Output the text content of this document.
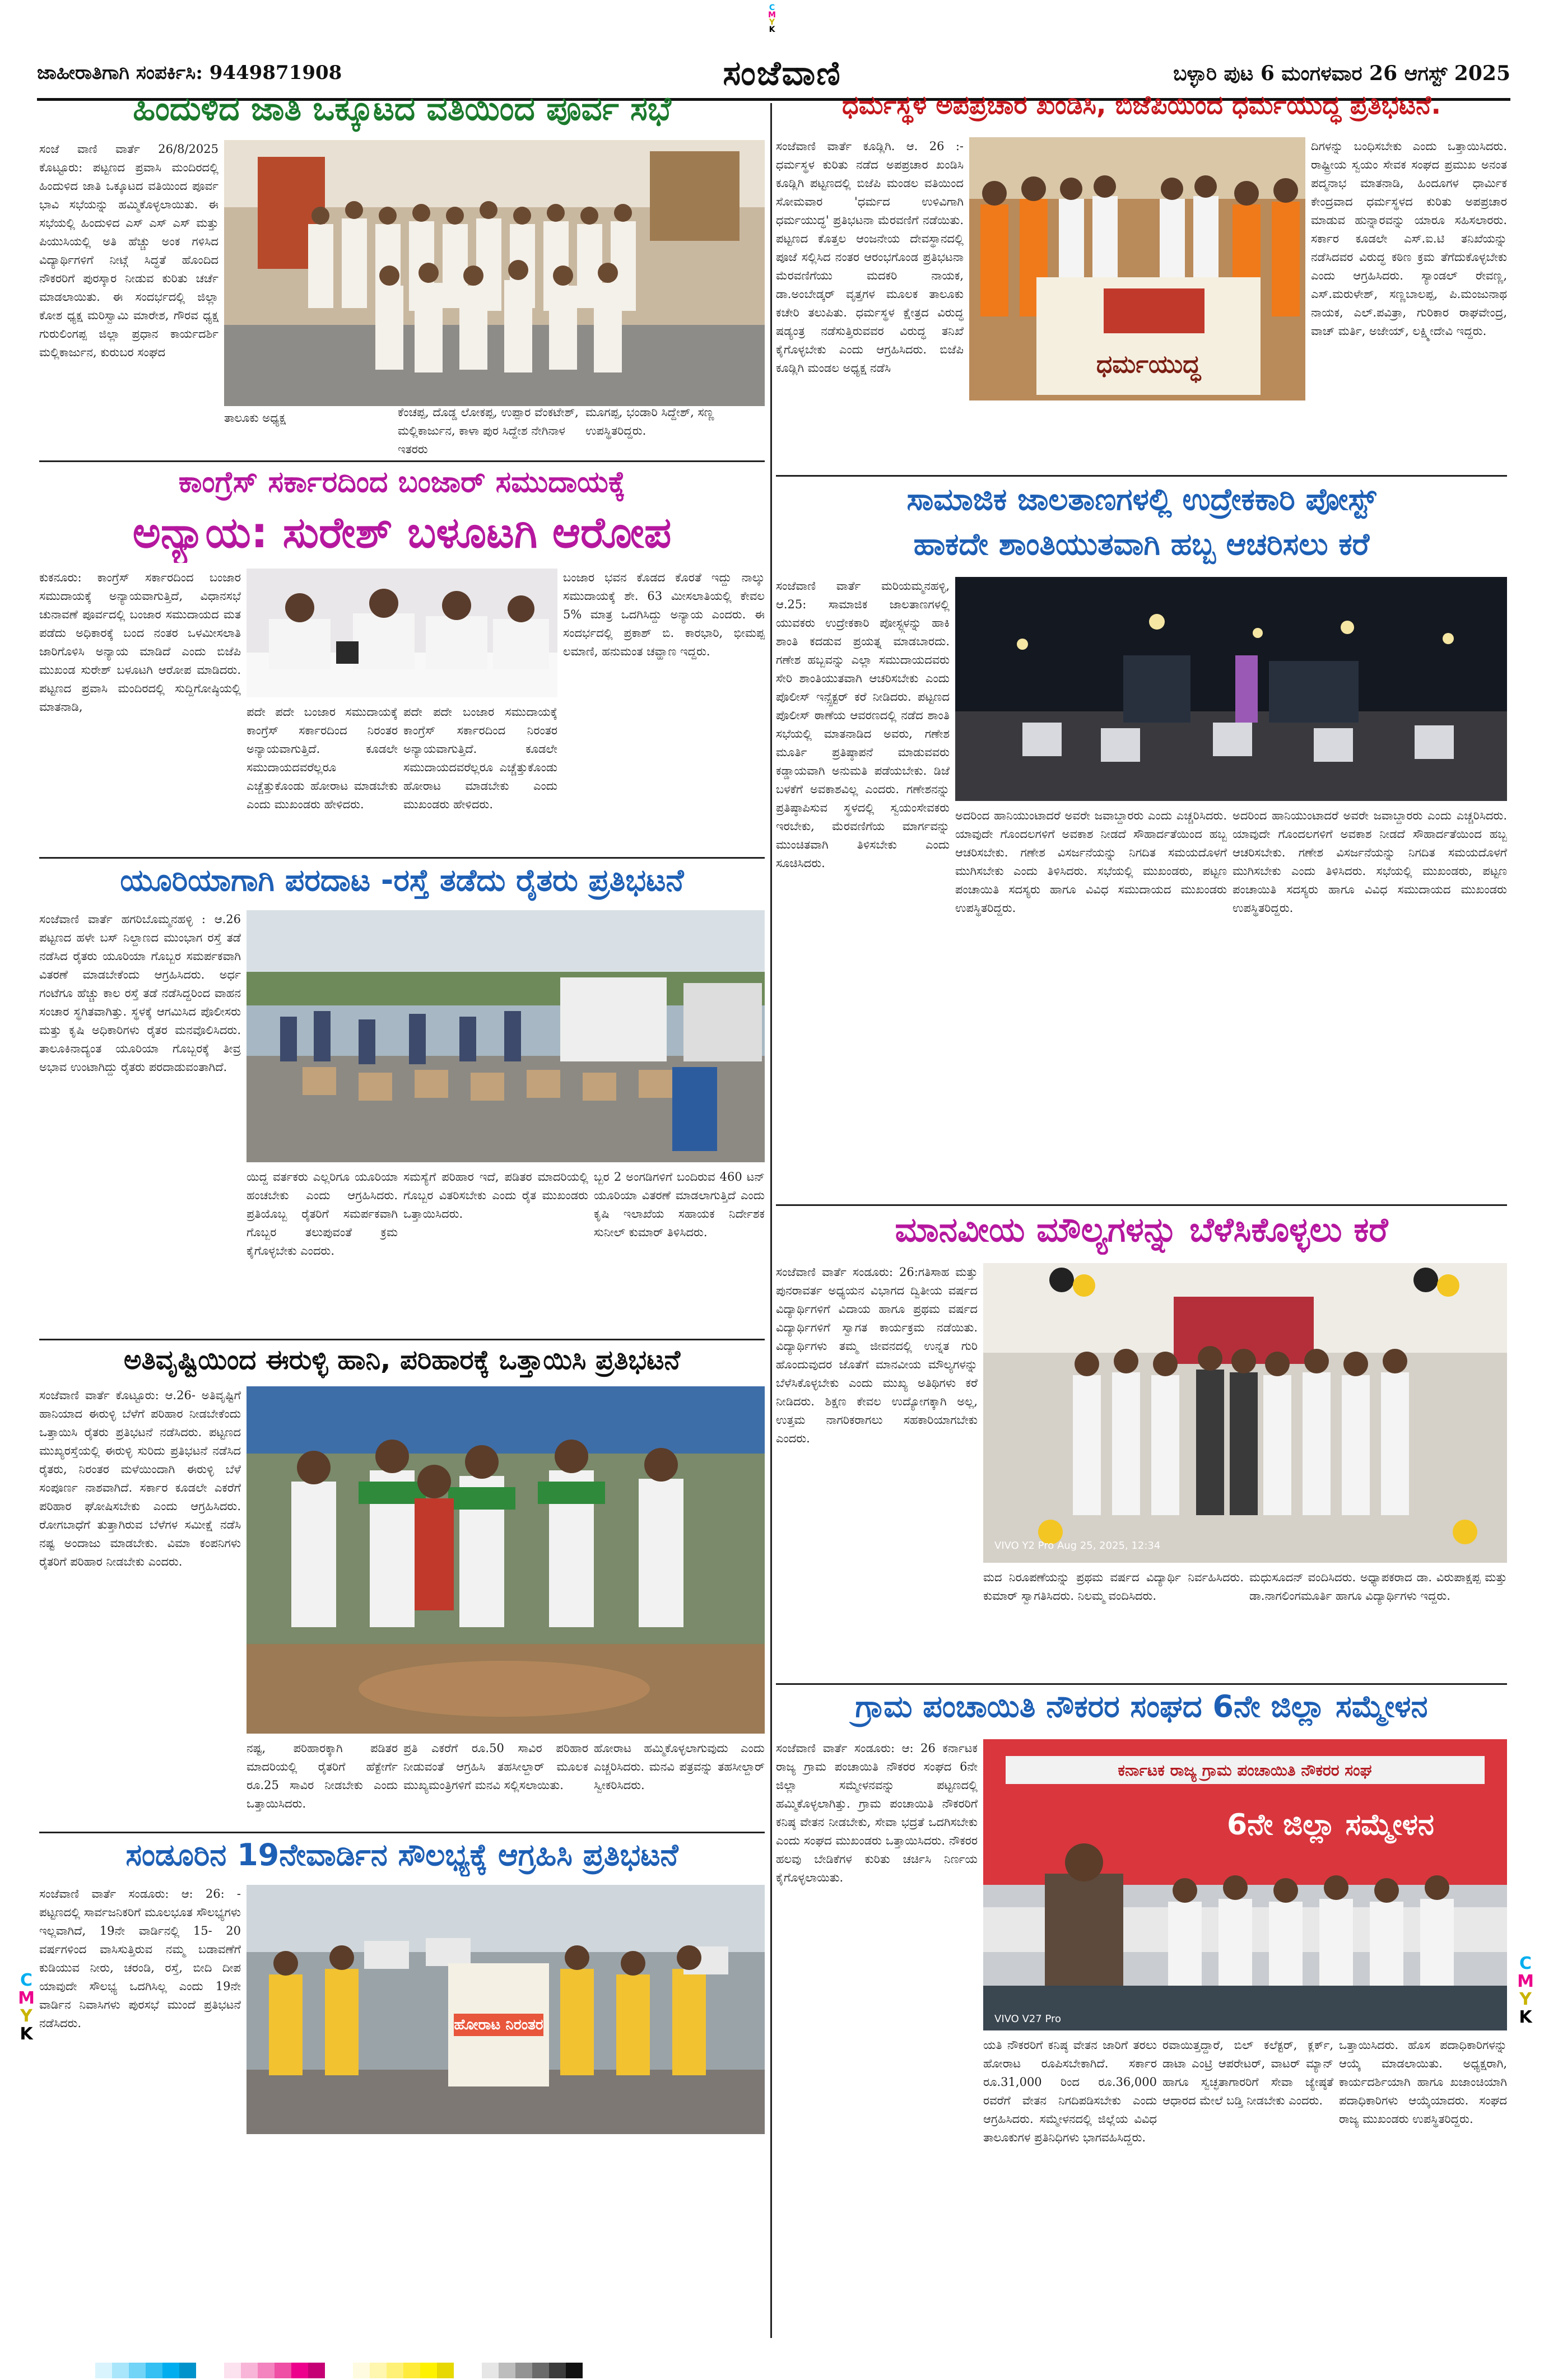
C
M
Y
K
C
M
Y
K
C
M
Y
K
ಜಾಹೀರಾತಿಗಾಗಿ ಸಂಪರ್ಕಿಸಿ: 9449871908	ಸಂಜೆವಾಣಿ	ಬಳ್ಳಾರಿ ಪುಟ 6 ಮಂಗಳವಾರ 26 ಆಗಸ್ಟ್ 2025
ಹಿಂದುಳಿದ ಜಾತಿ ಒಕ್ಕೂಟದ ವತಿಯಿಂದ ಪೂರ್ವ ಸಭೆ
ಸಂಜೆ ವಾಣಿ ವಾರ್ತೆ 26/8/2025 ಕೊಟ್ಟೂರು: ಪಟ್ಟಣದ ಪ್ರವಾಸಿ ಮಂದಿರದಲ್ಲಿ ಹಿಂದುಳಿದ ಜಾತಿ ಒಕ್ಕೂಟದ ವತಿಯಿಂದ ಪೂರ್ವ ಭಾವಿ ಸಭೆಯನ್ನು ಹಮ್ಮಿಕೊಳ್ಳಲಾಯಿತು. ಈ ಸಭೆಯಲ್ಲಿ ಹಿಂದುಳಿದ ಎಸ್ ಎಸ್ ಎಸ್ ಮತ್ತು ಪಿಯುಸಿಯಲ್ಲಿ ಅತಿ ಹೆಚ್ಚು ಅಂಕ ಗಳಿಸಿದ ವಿದ್ಯಾರ್ಥಿಗಳಿಗೆ ನೀಟ್ಗೆ ಸಿದ್ಧತೆ ಹೊಂದಿದ ನೌಕರರಿಗೆ ಪುರಸ್ಕಾರ ನೀಡುವ ಕುರಿತು ಚರ್ಚೆ ಮಾಡಲಾಯಿತು. ಈ ಸಂದರ್ಭದಲ್ಲಿ ಜಿಲ್ಲಾ ಕೋಶ ಧ್ಯಕ್ಷ ಮರಿಸ್ವಾಮಿ ಮಾರೇಶ, ಗೌರವ ಧ್ಯಕ್ಷ ಗುರುಲಿಂಗಪ್ಪ ಜಿಲ್ಲಾ ಪ್ರಧಾನ ಕಾರ್ಯದರ್ಶಿ ಮಲ್ಲಿಕಾರ್ಜುನ, ಕುರುಬರ ಸಂಘದ
ತಾಲೂಕು ಅಧ್ಯಕ್ಷ	ಕೆಂಚಪ್ಪ, ದೊಡ್ಡ ಲೋಕಪ್ಪ, ಉಪ್ಪಾರ ವೆಂಕಟೇಶ್, ಮಲ್ಲಿಕಾರ್ಜುನ, ಕಾಳಾ ಪುರ ಸಿದ್ದೇಶ ನೇಗಿನಾಳ ಇತರರು
ಮೂಗಪ್ಪ, ಭಂಡಾರಿ ಸಿದ್ದೇಶ್, ಸಣ್ಣ ಉಪಸ್ಥಿತರಿದ್ದರು.
ಕಾಂಗ್ರೆಸ್ ಸರ್ಕಾರದಿಂದ ಬಂಜಾರ್ ಸಮುದಾಯಕ್ಕೆ
ಅನ್ಯಾಯ: ಸುರೇಶ್ ಬಳೂಟಗಿ ಆರೋಪ
ಕುಕನೂರು: ಕಾಂಗ್ರೆಸ್ ಸರ್ಕಾರದಿಂದ ಬಂಜಾರ ಸಮುದಾಯಕ್ಕೆ ಅನ್ಯಾಯವಾಗುತ್ತಿದೆ, ವಿಧಾನಸಭೆ ಚುನಾವಣೆ ಪೂರ್ವದಲ್ಲಿ ಬಂಜಾರ ಸಮುದಾಯದ ಮತ ಪಡೆದು ಅಧಿಕಾರಕ್ಕೆ ಬಂದ ನಂತರ ಒಳಮೀಸಲಾತಿ ಜಾರಿಗೊಳಿಸಿ ಅನ್ಯಾಯ ಮಾಡಿದೆ ಎಂದು ಬಿಜೆಪಿ ಮುಖಂಡ ಸುರೇಶ್ ಬಳೂಟಗಿ ಆರೋಪ ಮಾಡಿದರು. ಪಟ್ಟಣದ ಪ್ರವಾಸಿ ಮಂದಿರದಲ್ಲಿ ಸುದ್ದಿಗೋಷ್ಠಿಯಲ್ಲಿ ಮಾತನಾಡಿ,	ಪದೇ ಪದೇ ಬಂಜಾರ ಸಮುದಾಯಕ್ಕೆ ಕಾಂಗ್ರೆಸ್ ಸರ್ಕಾರದಿಂದ ನಿರಂತರ ಅನ್ಯಾಯವಾಗುತ್ತಿದೆ. ಕೂಡಲೇ ಸಮುದಾಯದವರೆಲ್ಲರೂ ಎಚ್ಚೆತ್ತುಕೊಂಡು ಹೋರಾಟ ಮಾಡಬೇಕು ಎಂದು ಮುಖಂಡರು ಹೇಳಿದರು.
ಪದೇ ಪದೇ ಬಂಜಾರ ಸಮುದಾಯಕ್ಕೆ ಕಾಂಗ್ರೆಸ್ ಸರ್ಕಾರದಿಂದ ನಿರಂತರ ಅನ್ಯಾಯವಾಗುತ್ತಿದೆ. ಕೂಡಲೇ ಸಮುದಾಯದವರೆಲ್ಲರೂ ಎಚ್ಚೆತ್ತುಕೊಂಡು ಹೋರಾಟ ಮಾಡಬೇಕು ಎಂದು ಮುಖಂಡರು ಹೇಳಿದರು.
ಬಂಜಾರ ಭವನ ಕೊಡದ ಕೊರತೆ ಇದ್ದು ನಾಲ್ಕು ಸಮುದಾಯಕ್ಕೆ ಶೇ. 63 ಮೀಸಲಾತಿಯಲ್ಲಿ ಕೇವಲ 5% ಮಾತ್ರ ಒದಗಿಸಿದ್ದು ಅನ್ಯಾಯ ಎಂದರು. ಈ ಸಂದರ್ಭದಲ್ಲಿ ಪ್ರಕಾಶ್ ಬಿ. ಕಾರಭಾರಿ, ಭೀಮಪ್ಪ ಲಮಾಣಿ, ಹನುಮಂತ ಚವ್ಹಾಣ ಇದ್ದರು.
ಯೂರಿಯಾಗಾಗಿ ಪರದಾಟ -ರಸ್ತೆ ತಡೆದು ರೈತರು ಪ್ರತಿಭಟನೆ
ಸಂಜೆವಾಣಿ ವಾರ್ತೆ ಹಗರಿಬೊಮ್ಮನಹಳ್ಳಿ : ಆ.26 ಪಟ್ಟಣದ ಹಳೇ ಬಸ್ ನಿಲ್ದಾಣದ ಮುಂಭಾಗ ರಸ್ತೆ ತಡೆ ನಡೆಸಿದ ರೈತರು ಯೂರಿಯಾ ಗೊಬ್ಬರ ಸಮರ್ಪಕವಾಗಿ ವಿತರಣೆ ಮಾಡಬೇಕೆಂದು ಆಗ್ರಹಿಸಿದರು. ಅರ್ಧ ಗಂಟೆಗೂ ಹೆಚ್ಚು ಕಾಲ ರಸ್ತೆ ತಡೆ ನಡೆಸಿದ್ದರಿಂದ ವಾಹನ ಸಂಚಾರ ಸ್ಥಗಿತವಾಗಿತ್ತು. ಸ್ಥಳಕ್ಕೆ ಆಗಮಿಸಿದ ಪೊಲೀಸರು ಮತ್ತು ಕೃಷಿ ಅಧಿಕಾರಿಗಳು ರೈತರ ಮನವೊಲಿಸಿದರು. ತಾಲೂಕಿನಾದ್ಯಂತ ಯೂರಿಯಾ ಗೊಬ್ಬರಕ್ಕೆ ತೀವ್ರ ಅಭಾವ ಉಂಟಾಗಿದ್ದು ರೈತರು ಪರದಾಡುವಂತಾಗಿದೆ.
ಯಿದ್ದ ವರ್ತಕರು ಎಲ್ಲರಿಗೂ ಯೂರಿಯಾ ಹಂಚಬೇಕು ಎಂದು ಆಗ್ರಹಿಸಿದರು. ಪ್ರತಿಯೊಬ್ಬ ರೈತರಿಗೆ ಸಮರ್ಪಕವಾಗಿ ಗೊಬ್ಬರ ತಲುಪುವಂತೆ ಕ್ರಮ ಕೈಗೊಳ್ಳಬೇಕು ಎಂದರು.
ಸಮಸ್ಯೆಗೆ ಪರಿಹಾರ ಇದೆ, ಪಡಿತರ ಮಾದರಿಯಲ್ಲಿ ಗೊಬ್ಬರ ವಿತರಿಸಬೇಕು ಎಂದು ರೈತ ಮುಖಂಡರು ಒತ್ತಾಯಿಸಿದರು.
ಬ್ಬರ 2 ಅಂಗಡಿಗಳಿಗೆ ಬಂದಿರುವ 460 ಟನ್ ಯೂರಿಯಾ ವಿತರಣೆ ಮಾಡಲಾಗುತ್ತಿದೆ ಎಂದು ಕೃಷಿ ಇಲಾಖೆಯ ಸಹಾಯಕ ನಿರ್ದೇಶಕ ಸುನೀಲ್ ಕುಮಾರ್ ತಿಳಿಸಿದರು.
ಅತಿವೃಷ್ಟಿಯಿಂದ ಈರುಳ್ಳಿ ಹಾನಿ, ಪರಿಹಾರಕ್ಕೆ ಒತ್ತಾಯಿಸಿ ಪ್ರತಿಭಟನೆ
ಸಂಜೆವಾಣಿ ವಾರ್ತೆ ಕೊಟ್ಟೂರು: ಆ.26- ಅತಿವೃಷ್ಟಿಗೆ ಹಾನಿಯಾದ ಈರುಳ್ಳಿ ಬೆಳೆಗೆ ಪರಿಹಾರ ನೀಡಬೇಕೆಂದು ಒತ್ತಾಯಿಸಿ ರೈತರು ಪ್ರತಿಭಟನೆ ನಡೆಸಿದರು. ಪಟ್ಟಣದ ಮುಖ್ಯರಸ್ತೆಯಲ್ಲಿ ಈರುಳ್ಳಿ ಸುರಿದು ಪ್ರತಿಭಟನೆ ನಡೆಸಿದ ರೈತರು, ನಿರಂತರ ಮಳೆಯಿಂದಾಗಿ ಈರುಳ್ಳಿ ಬೆಳೆ ಸಂಪೂರ್ಣ ನಾಶವಾಗಿದೆ. ಸರ್ಕಾರ ಕೂಡಲೇ ಎಕರೆಗೆ ಪರಿಹಾರ ಘೋಷಿಸಬೇಕು ಎಂದು ಆಗ್ರಹಿಸಿದರು. ರೋಗಬಾಧೆಗೆ ತುತ್ತಾಗಿರುವ ಬೆಳೆಗಳ ಸಮೀಕ್ಷೆ ನಡೆಸಿ ನಷ್ಟ ಅಂದಾಜು ಮಾಡಬೇಕು. ವಿಮಾ ಕಂಪನಿಗಳು ರೈತರಿಗೆ ಪರಿಹಾರ ನೀಡಬೇಕು ಎಂದರು.
ನಷ್ಟ, ಪರಿಹಾರಕ್ಕಾಗಿ ಪಡಿತರ ಮಾದರಿಯಲ್ಲಿ ರೈತರಿಗೆ ಹೆಕ್ಟೇರ್ಗೆ ರೂ.25 ಸಾವಿರ ನೀಡಬೇಕು ಎಂದು ಒತ್ತಾಯಿಸಿದರು.
ಪ್ರತಿ ಎಕರೆಗೆ ರೂ.50 ಸಾವಿರ ಪರಿಹಾರ ನೀಡುವಂತೆ ಆಗ್ರಹಿಸಿ ತಹಸೀಲ್ದಾರ್ ಮೂಲಕ ಮುಖ್ಯಮಂತ್ರಿಗಳಿಗೆ ಮನವಿ ಸಲ್ಲಿಸಲಾಯಿತು.
ಹೋರಾಟ ಹಮ್ಮಿಕೊಳ್ಳಲಾಗುವುದು ಎಂದು ಎಚ್ಚರಿಸಿದರು. ಮನವಿ ಪತ್ರವನ್ನು ತಹಸೀಲ್ದಾರ್ ಸ್ವೀಕರಿಸಿದರು.
ಸಂಡೂರಿನ 19ನೇವಾರ್ಡಿನ ಸೌಲಭ್ಯಕ್ಕೆ ಆಗ್ರಹಿಸಿ ಪ್ರತಿಭಟನೆ
ಸಂಜೆವಾಣಿ ವಾರ್ತೆ ಸಂಡೂರು: ಆ: 26: - ಪಟ್ಟಣದಲ್ಲಿ ಸಾರ್ವಜನಿಕರಿಗೆ ಮೂಲಭೂತ ಸೌಲಭ್ಯಗಳು ಇಲ್ಲವಾಗಿದೆ, 19ನೇ ವಾರ್ಡಿನಲ್ಲಿ 15- 20 ವರ್ಷಗಳಿಂದ ವಾಸಿಸುತ್ತಿರುವ ನಮ್ಮ ಬಡಾವಣೆಗೆ ಕುಡಿಯುವ ನೀರು, ಚರಂಡಿ, ರಸ್ತೆ, ಬೀದಿ ದೀಪ ಯಾವುದೇ ಸೌಲಭ್ಯ ಒದಗಿಸಿಲ್ಲ ಎಂದು 19ನೇ ವಾರ್ಡಿನ ನಿವಾಸಿಗಳು ಪುರಸಭೆ ಮುಂದೆ ಪ್ರತಿಭಟನೆ ನಡೆಸಿದರು.	ಹೋರಾಟ ನಿರಂತರ
ಧರ್ಮಸ್ಥಳ ಅಪಪ್ರಚಾರ ಖಂಡಿಸಿ, ಬಿಜೆಪಿಯಿಂದ ಧರ್ಮಯುದ್ಧ ಪ್ರತಿಭಟನೆ.
ಸಂಜೆವಾಣಿ ವಾರ್ತೆ ಕೂಡ್ಲಿಗಿ. ಆ. 26 :- ಧರ್ಮಸ್ಥಳ ಕುರಿತು ನಡೆದ ಅಪಪ್ರಚಾರ ಖಂಡಿಸಿ ಕೂಡ್ಲಿಗಿ ಪಟ್ಟಣದಲ್ಲಿ ಬಿಜೆಪಿ ಮಂಡಲ ವತಿಯಿಂದ ಸೋಮವಾರ 'ಧರ್ಮದ ಉಳಿವಿಗಾಗಿ ಧರ್ಮಯುದ್ಧ' ಪ್ರತಿಭಟನಾ ಮೆರವಣಿಗೆ ನಡೆಯಿತು. ಪಟ್ಟಣದ ಕೊತ್ತಲ ಆಂಜನೇಯ ದೇವಸ್ಥಾನದಲ್ಲಿ ಪೂಜೆ ಸಲ್ಲಿಸಿದ ನಂತರ ಆರಂಭಗೊಂಡ ಪ್ರತಿಭಟನಾ ಮೆರವಣಿಗೆಯು ಮದಕರಿ ನಾಯಕ, ಡಾ.ಅಂಬೇಡ್ಕರ್ ವೃತ್ತಗಳ ಮೂಲಕ ತಾಲೂಕು ಕಚೇರಿ ತಲುಪಿತು. ಧರ್ಮಸ್ಥಳ ಕ್ಷೇತ್ರದ ವಿರುದ್ಧ ಷಡ್ಯಂತ್ರ ನಡೆಸುತ್ತಿರುವವರ ವಿರುದ್ಧ ತನಿಖೆ ಕೈಗೊಳ್ಳಬೇಕು ಎಂದು ಆಗ್ರಹಿಸಿದರು. ಬಿಜೆಪಿ ಕೂಡ್ಲಿಗಿ ಮಂಡಲ ಅಧ್ಯಕ್ಷ ನಡೆಸಿ	ಧರ್ಮಯುದ್ಧ
ದಿಗಳನ್ನು ಬಂಧಿಸಬೇಕು ಎಂದು ಒತ್ತಾಯಿಸಿದರು. ರಾಷ್ಟ್ರೀಯ ಸ್ವಯಂ ಸೇವಕ ಸಂಘದ ಪ್ರಮುಖ ಅನಂತ ಪದ್ಮನಾಭ ಮಾತನಾಡಿ, ಹಿಂದೂಗಳ ಧಾರ್ಮಿಕ ಕೇಂದ್ರವಾದ ಧರ್ಮಸ್ಥಳದ ಕುರಿತು ಅಪಪ್ರಚಾರ ಮಾಡುವ ಹುನ್ನಾರವನ್ನು ಯಾರೂ ಸಹಿಸಲಾರರು. ಸರ್ಕಾರ ಕೂಡಲೇ ಎಸ್.ಐ.ಟಿ ತನಿಖೆಯನ್ನು ನಡೆಸಿದವರ ವಿರುದ್ಧ ಕಠಿಣ ಕ್ರಮ ತೆಗೆದುಕೊಳ್ಳಬೇಕು ಎಂದು ಆಗ್ರಹಿಸಿದರು. ಸ್ಯಾಂಡಲ್ ರೇವಣ್ಣ, ಎಸ್.ಮರುಳೇಶ್, ಸಣ್ಣಬಾಲಪ್ಪ, ಪಿ.ಮಂಜುನಾಥ ನಾಯಕ, ಎಲ್.ಪವಿತ್ರಾ, ಗುರಿಕಾರ ರಾಘವೇಂದ್ರ, ವಾಚ್ ಮರ್ತಿ, ಅಜೇಯ್, ಲಕ್ಷ್ಮೀದೇವಿ ಇದ್ದರು.
ಸಾಮಾಜಿಕ ಜಾಲತಾಣಗಳಲ್ಲಿ ಉದ್ರೇಕಕಾರಿ ಪೋಸ್ಟ್
ಹಾಕದೇ ಶಾಂತಿಯುತವಾಗಿ ಹಬ್ಬ ಆಚರಿಸಲು ಕರೆ
ಸಂಜೆವಾಣಿ ವಾರ್ತೆ ಮರಿಯಮ್ಮನಹಳ್ಳಿ, ಆ.25: ಸಾಮಾಜಿಕ ಜಾಲತಾಣಗಳಲ್ಲಿ ಯುವಕರು ಉದ್ರೇಕಕಾರಿ ಪೋಸ್ಟ್ಗಳನ್ನು ಹಾಕಿ ಶಾಂತಿ ಕದಡುವ ಪ್ರಯತ್ನ ಮಾಡಬಾರದು. ಗಣೇಶ ಹಬ್ಬವನ್ನು ಎಲ್ಲಾ ಸಮುದಾಯದವರು ಸೇರಿ ಶಾಂತಿಯುತವಾಗಿ ಆಚರಿಸಬೇಕು ಎಂದು ಪೊಲೀಸ್ ಇನ್ಸ್ಪೆಕ್ಟರ್ ಕರೆ ನೀಡಿದರು. ಪಟ್ಟಣದ ಪೊಲೀಸ್ ಠಾಣೆಯ ಆವರಣದಲ್ಲಿ ನಡೆದ ಶಾಂತಿ ಸಭೆಯಲ್ಲಿ ಮಾತನಾಡಿದ ಅವರು, ಗಣೇಶ ಮೂರ್ತಿ ಪ್ರತಿಷ್ಠಾಪನೆ ಮಾಡುವವರು ಕಡ್ಡಾಯವಾಗಿ ಅನುಮತಿ ಪಡೆಯಬೇಕು. ಡಿಜೆ ಬಳಕೆಗೆ ಅವಕಾಶವಿಲ್ಲ ಎಂದರು. ಗಣೇಶನನ್ನು ಪ್ರತಿಷ್ಠಾಪಿಸುವ ಸ್ಥಳದಲ್ಲಿ ಸ್ವಯಂಸೇವಕರು ಇರಬೇಕು, ಮೆರವಣಿಗೆಯ ಮಾರ್ಗವನ್ನು ಮುಂಚಿತವಾಗಿ ತಿಳಿಸಬೇಕು ಎಂದು ಸೂಚಿಸಿದರು.
ಅದರಿಂದ ಹಾನಿಯುಂಟಾದರೆ ಅವರೇ ಜವಾಬ್ದಾರರು ಎಂದು ಎಚ್ಚರಿಸಿದರು. ಯಾವುದೇ ಗೊಂದಲಗಳಿಗೆ ಅವಕಾಶ ನೀಡದೆ ಸೌಹಾರ್ದತೆಯಿಂದ ಹಬ್ಬ ಆಚರಿಸಬೇಕು. ಗಣೇಶ ವಿಸರ್ಜನೆಯನ್ನು ನಿಗದಿತ ಸಮಯದೊಳಗೆ ಮುಗಿಸಬೇಕು ಎಂದು ತಿಳಿಸಿದರು. ಸಭೆಯಲ್ಲಿ ಮುಖಂಡರು, ಪಟ್ಟಣ ಪಂಚಾಯಿತಿ ಸದಸ್ಯರು ಹಾಗೂ ವಿವಿಧ ಸಮುದಾಯದ ಮುಖಂಡರು ಉಪಸ್ಥಿತರಿದ್ದರು.
ಅದರಿಂದ ಹಾನಿಯುಂಟಾದರೆ ಅವರೇ ಜವಾಬ್ದಾರರು ಎಂದು ಎಚ್ಚರಿಸಿದರು. ಯಾವುದೇ ಗೊಂದಲಗಳಿಗೆ ಅವಕಾಶ ನೀಡದೆ ಸೌಹಾರ್ದತೆಯಿಂದ ಹಬ್ಬ ಆಚರಿಸಬೇಕು. ಗಣೇಶ ವಿಸರ್ಜನೆಯನ್ನು ನಿಗದಿತ ಸಮಯದೊಳಗೆ ಮುಗಿಸಬೇಕು ಎಂದು ತಿಳಿಸಿದರು. ಸಭೆಯಲ್ಲಿ ಮುಖಂಡರು, ಪಟ್ಟಣ ಪಂಚಾಯಿತಿ ಸದಸ್ಯರು ಹಾಗೂ ವಿವಿಧ ಸಮುದಾಯದ ಮುಖಂಡರು ಉಪಸ್ಥಿತರಿದ್ದರು.
ಮಾನವೀಯ ಮೌಲ್ಯಗಳನ್ನು ಬೆಳೆಸಿಕೊಳ್ಳಲು ಕರೆ
ಸಂಜೆವಾಣಿ ವಾರ್ತೆ ಸಂಡೂರು: 26:ಗತಿಸಾಹ ಮತ್ತು ಪುನರಾವರ್ತ ಅಧ್ಯಯನ ವಿಭಾಗದ ದ್ವಿತೀಯ ವರ್ಷದ ವಿದ್ಯಾರ್ಥಿಗಳಿಗೆ ವಿದಾಯ ಹಾಗೂ ಪ್ರಥಮ ವರ್ಷದ ವಿದ್ಯಾರ್ಥಿಗಳಿಗೆ ಸ್ವಾಗತ ಕಾರ್ಯಕ್ರಮ ನಡೆಯಿತು. ವಿದ್ಯಾರ್ಥಿಗಳು ತಮ್ಮ ಜೀವನದಲ್ಲಿ ಉನ್ನತ ಗುರಿ ಹೊಂದುವುದರ ಜೊತೆಗೆ ಮಾನವೀಯ ಮೌಲ್ಯಗಳನ್ನು ಬೆಳೆಸಿಕೊಳ್ಳಬೇಕು ಎಂದು ಮುಖ್ಯ ಅತಿಥಿಗಳು ಕರೆ ನೀಡಿದರು. ಶಿಕ್ಷಣ ಕೇವಲ ಉದ್ಯೋಗಕ್ಕಾಗಿ ಅಲ್ಲ, ಉತ್ತಮ ನಾಗರಿಕರಾಗಲು ಸಹಕಾರಿಯಾಗಬೇಕು ಎಂದರು.
VIVO Y2 Pro Aug 25, 2025, 12:34
ಮದ ನಿರೂಪಣೆಯನ್ನು ಪ್ರಥಮ ವರ್ಷದ ವಿದ್ಯಾರ್ಥಿ ನಿರ್ವಹಿಸಿದರು. ಕುಮಾರ್ ಸ್ವಾಗತಿಸಿದರು. ನಿಲಮ್ಮ ವಂದಿಸಿದರು.
ಮಧುಸೂದನ್ ವಂದಿಸಿದರು. ಅಧ್ಯಾಪಕರಾದ ಡಾ. ವಿರುಪಾಕ್ಷಪ್ಪ ಮತ್ತು ಡಾ.ನಾಗಲಿಂಗಮೂರ್ತಿ ಹಾಗೂ ವಿದ್ಯಾರ್ಥಿಗಳು ಇದ್ದರು.
ಗ್ರಾಮ ಪಂಚಾಯಿತಿ ನೌಕರರ ಸಂಘದ 6ನೇ ಜಿಲ್ಲಾ ಸಮ್ಮೇಳನ
ಸಂಜೆವಾಣಿ ವಾರ್ತೆ ಸಂಡೂರು: ಆ: 26 ಕರ್ನಾಟಕ ರಾಜ್ಯ ಗ್ರಾಮ ಪಂಚಾಯಿತಿ ನೌಕರರ ಸಂಘದ 6ನೇ ಜಿಲ್ಲಾ ಸಮ್ಮೇಳನವನ್ನು ಪಟ್ಟಣದಲ್ಲಿ ಹಮ್ಮಿಕೊಳ್ಳಲಾಗಿತ್ತು. ಗ್ರಾಮ ಪಂಚಾಯಿತಿ ನೌಕರರಿಗೆ ಕನಿಷ್ಠ ವೇತನ ನೀಡಬೇಕು, ಸೇವಾ ಭದ್ರತೆ ಒದಗಿಸಬೇಕು ಎಂದು ಸಂಘದ ಮುಖಂಡರು ಒತ್ತಾಯಿಸಿದರು. ನೌಕರರ ಹಲವು ಬೇಡಿಕೆಗಳ ಕುರಿತು ಚರ್ಚಿಸಿ ನಿರ್ಣಯ ಕೈಗೊಳ್ಳಲಾಯಿತು.
ಕರ್ನಾಟಕ ರಾಜ್ಯ ಗ್ರಾಮ ಪಂಚಾಯಿತಿ ನೌಕರರ ಸಂಘ
6ನೇ ಜಿಲ್ಲಾ ಸಮ್ಮೇಳನ
VIVO V27 Pro
ಯತಿ ನೌಕರರಿಗೆ ಕನಿಷ್ಠ ವೇತನ ಜಾರಿಗೆ ತರಲು ಹೋರಾಟ ರೂಪಿಸಬೇಕಾಗಿದೆ. ಸರ್ಕಾರ ರೂ.31,000 ರಿಂದ ರೂ.36,000 ರವರೆಗೆ ವೇತನ ನಿಗದಿಪಡಿಸಬೇಕು ಎಂದು ಆಗ್ರಹಿಸಿದರು. ಸಮ್ಮೇಳನದಲ್ಲಿ ಜಿಲ್ಲೆಯ ವಿವಿಧ ತಾಲೂಕುಗಳ ಪ್ರತಿನಿಧಿಗಳು ಭಾಗವಹಿಸಿದ್ದರು.
ರವಾಯಿತ್ತದ್ದಾರೆ, ಬಿಲ್ ಕಲೆಕ್ಟರ್, ಕ್ಲರ್ಕ್, ಡಾಟಾ ಎಂಟ್ರಿ ಆಪರೇಟರ್, ವಾಟರ್ ಮ್ಯಾನ್ ಹಾಗೂ ಸ್ವಚ್ಛತಾಗಾರರಿಗೆ ಸೇವಾ ಜ್ಯೇಷ್ಠತೆ ಆಧಾರದ ಮೇಲೆ ಬಡ್ತಿ ನೀಡಬೇಕು ಎಂದರು.
ಒತ್ತಾಯಿಸಿದರು. ಹೊಸ ಪದಾಧಿಕಾರಿಗಳನ್ನು ಆಯ್ಕೆ ಮಾಡಲಾಯಿತು. ಅಧ್ಯಕ್ಷರಾಗಿ, ಕಾರ್ಯದರ್ಶಿಯಾಗಿ ಹಾಗೂ ಖಜಾಂಚಿಯಾಗಿ ಪದಾಧಿಕಾರಿಗಳು ಆಯ್ಕೆಯಾದರು. ಸಂಘದ ರಾಜ್ಯ ಮುಖಂಡರು ಉಪಸ್ಥಿತರಿದ್ದರು.
